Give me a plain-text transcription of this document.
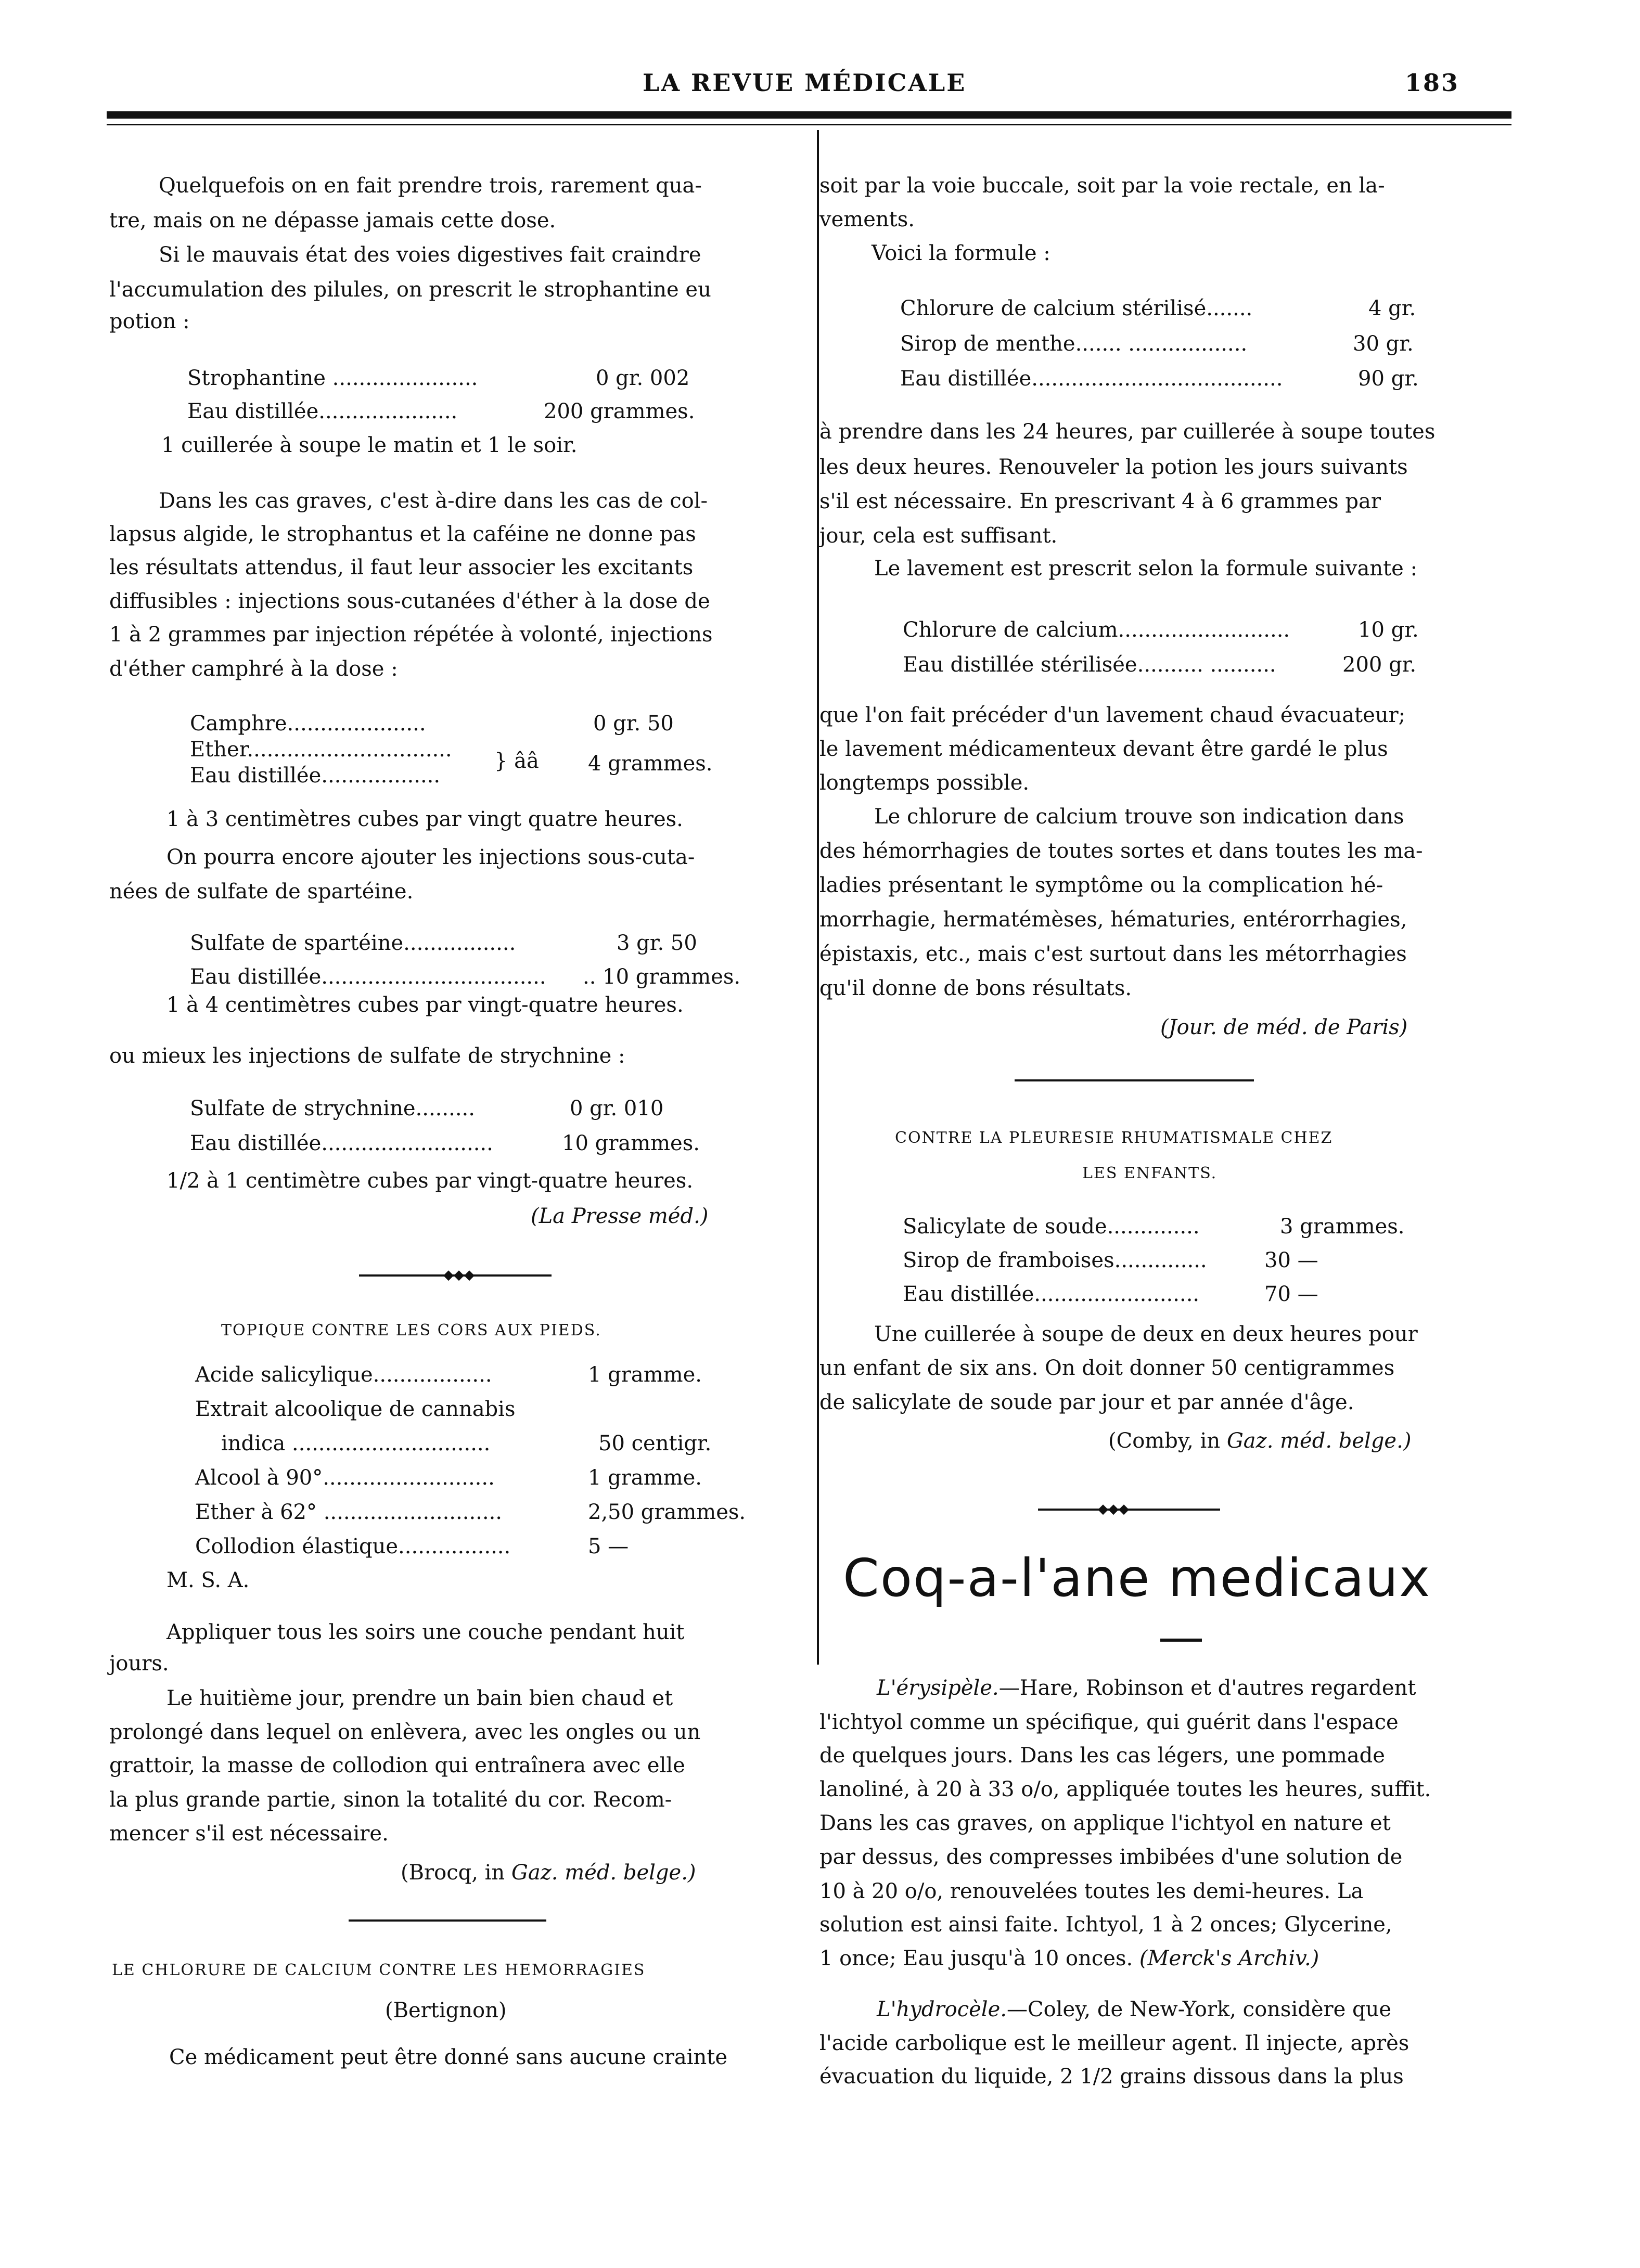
LA REVUE MÉDICALE	183
Quelquefois on en fait prendre trois, rarement qua-
tre, mais on ne dépasse jamais cette dose.
Si le mauvais état des voies digestives fait craindre
l'accumulation des pilules, on prescrit le strophantine eu
potion :
Strophantine ......................	0 gr. 002
Eau distillée.....................	200 grammes.
1 cuillerée à soupe le matin et 1 le soir.
Dans les cas graves, c'est à-dire dans les cas de col-
lapsus algide, le strophantus et la caféine ne donne pas
les résultats attendus, il faut leur associer les excitants
diffusibles : injections sous-cutanées d'éther à la dose de
1 à 2 grammes par injection répétée à volonté, injections
d'éther camphré à la dose :
Camphre.....................	0 gr. 50
Ether...............................
Eau distillée..................
} ââ 4 grammes.
1 à 3 centimètres cubes par vingt quatre heures.
On pourra encore ajouter les injections sous-cuta-
nées de sulfate de spartéine.
Sulfate de spartéine.................	3 gr. 50
Eau distillée.................................. .. 10 grammes.
1 à 4 centimètres cubes par vingt-quatre heures.
ou mieux les injections de sulfate de strychnine :
Sulfate de strychnine.........	0 gr. 010
Eau distillée..........................	10 grammes.
1/2 à 1 centimètre cubes par vingt-quatre heures.
(La Presse méd.)
◆◆◆
TOPIQUE CONTRE LES CORS AUX PIEDS.
Acide salicylique..................	1 gramme.
Extrait alcoolique de cannabis
indica ..............................	50 centigr.
Alcool à 90°..........................	1 gramme.
Ether à 62° ...........................	2,50 grammes.
Collodion élastique.................	5 —
M. S. A.
Appliquer tous les soirs une couche pendant huit
jours.
Le huitième jour, prendre un bain bien chaud et
prolongé dans lequel on enlèvera, avec les ongles ou un
grattoir, la masse de collodion qui entraînera avec elle
la plus grande partie, sinon la totalité du cor. Recom-
mencer s'il est nécessaire.
(Brocq, in Gaz. méd. belge.)
LE CHLORURE DE CALCIUM CONTRE LES HEMORRAGIES
(Bertignon)
Ce médicament peut être donné sans aucune crainte
soit par la voie buccale, soit par la voie rectale, en la-
vements.
Voici la formule :
Chlorure de calcium stérilisé.......	4 gr.
Sirop de menthe....... ..................	30 gr.
Eau distillée......................................	90 gr.
à prendre dans les 24 heures, par cuillerée à soupe toutes
les deux heures. Renouveler la potion les jours suivants
s'il est nécessaire. En prescrivant 4 à 6 grammes par
jour, cela est suffisant.
Le lavement est prescrit selon la formule suivante :
Chlorure de calcium..........................	10 gr.
Eau distillée stérilisée.......... ..........	200 gr.
que l'on fait précéder d'un lavement chaud évacuateur;
le lavement médicamenteux devant être gardé le plus
longtemps possible.
Le chlorure de calcium trouve son indication dans
des hémorrhagies de toutes sortes et dans toutes les ma-
ladies présentant le symptôme ou la complication hé-
morrhagie, hermatémèses, hématuries, entérorrhagies,
épistaxis, etc., mais c'est surtout dans les métorrhagies
qu'il donne de bons résultats.
(Jour. de méd. de Paris)
CONTRE LA PLEURESIE RHUMATISMALE CHEZ
LES ENFANTS.
Salicylate de soude..............	3 grammes.
Sirop de framboises..............	30 —
Eau distillée.........................	70 —
Une cuillerée à soupe de deux en deux heures pour
un enfant de six ans. On doit donner 50 centigrammes
de salicylate de soude par jour et par année d'âge.
(Comby, in Gaz. méd. belge.)
◆◆◆
Coq-a-l'ane medicaux
L'érysipèle.—Hare, Robinson et d'autres regardent
l'ichtyol comme un spécifique, qui guérit dans l'espace
de quelques jours. Dans les cas légers, une pommade
lanoliné, à 20 à 33 o/o, appliquée toutes les heures, suffit.
Dans les cas graves, on applique l'ichtyol en nature et
par dessus, des compresses imbibées d'une solution de
10 à 20 o/o, renouvelées toutes les demi-heures. La
solution est ainsi faite. Ichtyol, 1 à 2 onces; Glycerine,
1 once; Eau jusqu'à 10 onces. (Merck's Archiv.)
L'hydrocèle.—Coley, de New-York, considère que
l'acide carbolique est le meilleur agent. Il injecte, après
évacuation du liquide, 2 1/2 grains dissous dans la plus
